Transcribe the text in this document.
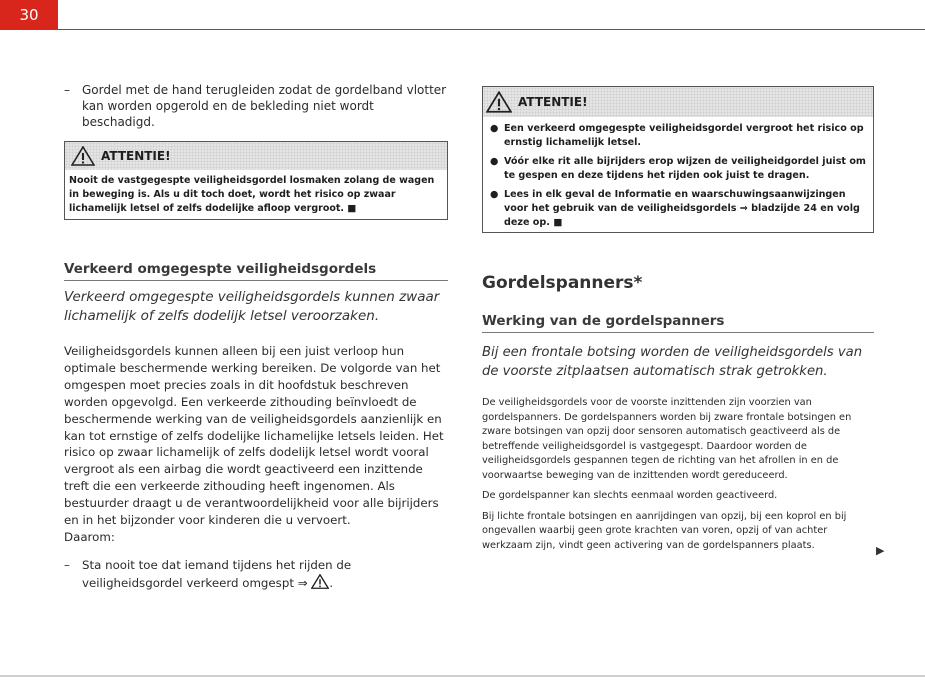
30
– Gordel met de hand terugleiden zodat de gordelband vlotter kan worden opgerold en de bekleding niet wordt beschadigd.
ATTENTIE!
Nooit de vastgegespte veiligheidsgordel losmaken zolang de wagen in beweging is. Als u dit toch doet, wordt het risico op zwaar lichamelijk letsel of zelfs dodelijke afloop vergroot. ■
Verkeerd omgegespte veiligheidsgordels
Verkeerd omgegespte veiligheidsgordels kunnen zwaar lichamelijk of zelfs dodelijk letsel veroorzaken.
Veiligheidsgordels kunnen alleen bij een juist verloop hun optimale beschermende werking bereiken. De volgorde van het omgespen moet precies zoals in dit hoofdstuk beschreven worden opgevolgd. Een verkeerde zithouding beïnvloedt de beschermende werking van de veiligheidsgordels aanzienlijk en kan tot ernstige of zelfs dodelijke lichamelijke letsels leiden. Het risico op zwaar lichamelijk of zelfs dodelijk letsel wordt vooral vergroot als een airbag die wordt geactiveerd een inzittende treft die een verkeerde zithouding heeft ingenomen. Als bestuurder draagt u de verantwoordelijkheid voor alle bijrijders en in het bijzonder voor kinderen die u vervoert.
Daarom:
– Sta nooit toe dat iemand tijdens het rijden de veiligheidsgordel verkeerd omgespt ⇒ .
ATTENTIE!
● Een verkeerd omgegespte veiligheidsgordel vergroot het risico op ernstig lichamelijk letsel.
● Vóór elke rit alle bijrijders erop wijzen de veiligheidgordel juist om te gespen en deze tijdens het rijden ook juist te dragen.
● Lees in elk geval de Informatie en waarschuwingsaanwijzingen voor het gebruik van de veiligheidsgordels ⇒ bladzijde 24 en volg deze op. ■
Gordelspanners*
Werking van de gordelspanners
Bij een frontale botsing worden de veiligheidsgordels van de voorste zitplaatsen automatisch strak getrokken.
De veiligheidsgordels voor de voorste inzittenden zijn voorzien van gordelspanners. De gordelspanners worden bij zware frontale botsingen en zware botsingen van opzij door sensoren automatisch geactiveerd als de betreffende veiligheidsgordel is vastgegespt. Daardoor worden de veiligheidsgordels gespannen tegen de richting van het afrollen in en de voorwaartse beweging van de inzittenden wordt gereduceerd.
De gordelspanner kan slechts eenmaal worden geactiveerd.
Bij lichte frontale botsingen en aanrijdingen van opzij, bij een koprol en bij ongevallen waarbij geen grote krachten van voren, opzij of van achter werkzaam zijn, vindt geen activering van de gordelspanners plaats.	▶
